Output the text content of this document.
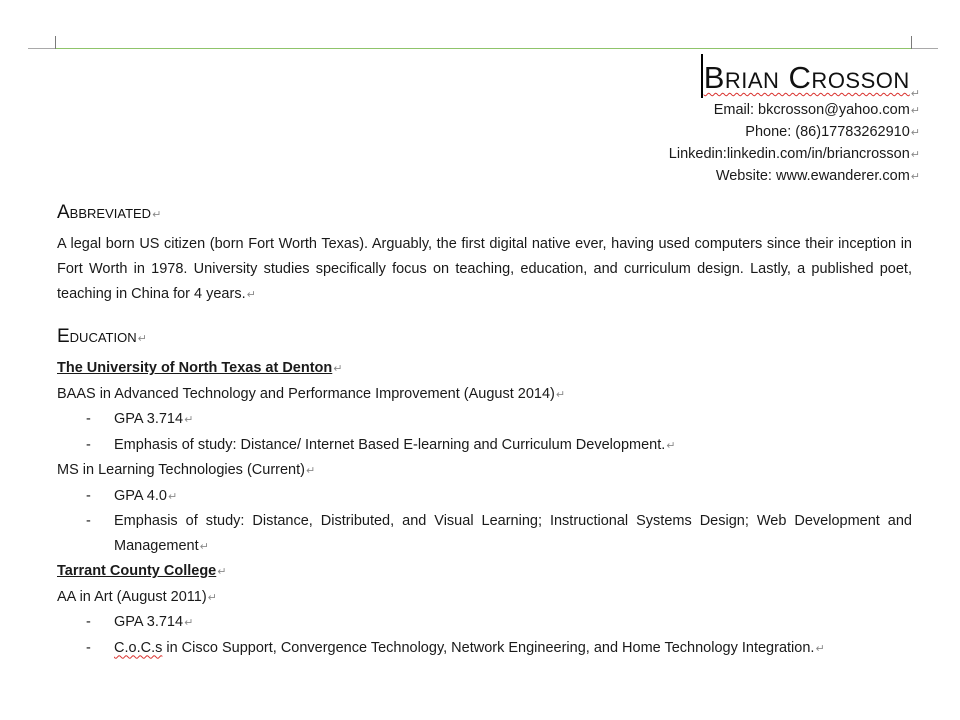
Brian Crosson ↵
Email: bkcrosson@yahoo.com↵
Phone: (86)17783262910↵
Linkedin:linkedin.com/in/briancrosson↵
Website: www.ewanderer.com↵
Abbreviated↵

A legal born US citizen (born Fort Worth Texas). Arguably, the first digital native ever, having used computers since their inception in Fort Worth in 1978. University studies specifically focus on teaching, education, and curriculum design. Lastly, a published poet, teaching in China for 4 years.↵

Education↵
The University of North Texas at Denton↵
BAAS in Advanced Technology and Performance Improvement (August 2014)↵
-	GPA 3.714↵
-	Emphasis of study: Distance/ Internet Based E-learning and Curriculum Development.↵
MS in Learning Technologies (Current)↵
-	GPA 4.0↵
-	Emphasis of study: Distance, Distributed, and Visual Learning; Instructional Systems Design; Web Development and Management↵
Tarrant County College↵
AA in Art (August 2011)↵
-	GPA 3.714↵
-	C.o.C.s in Cisco Support, Convergence Technology, Network Engineering, and Home Technology Integration.↵
